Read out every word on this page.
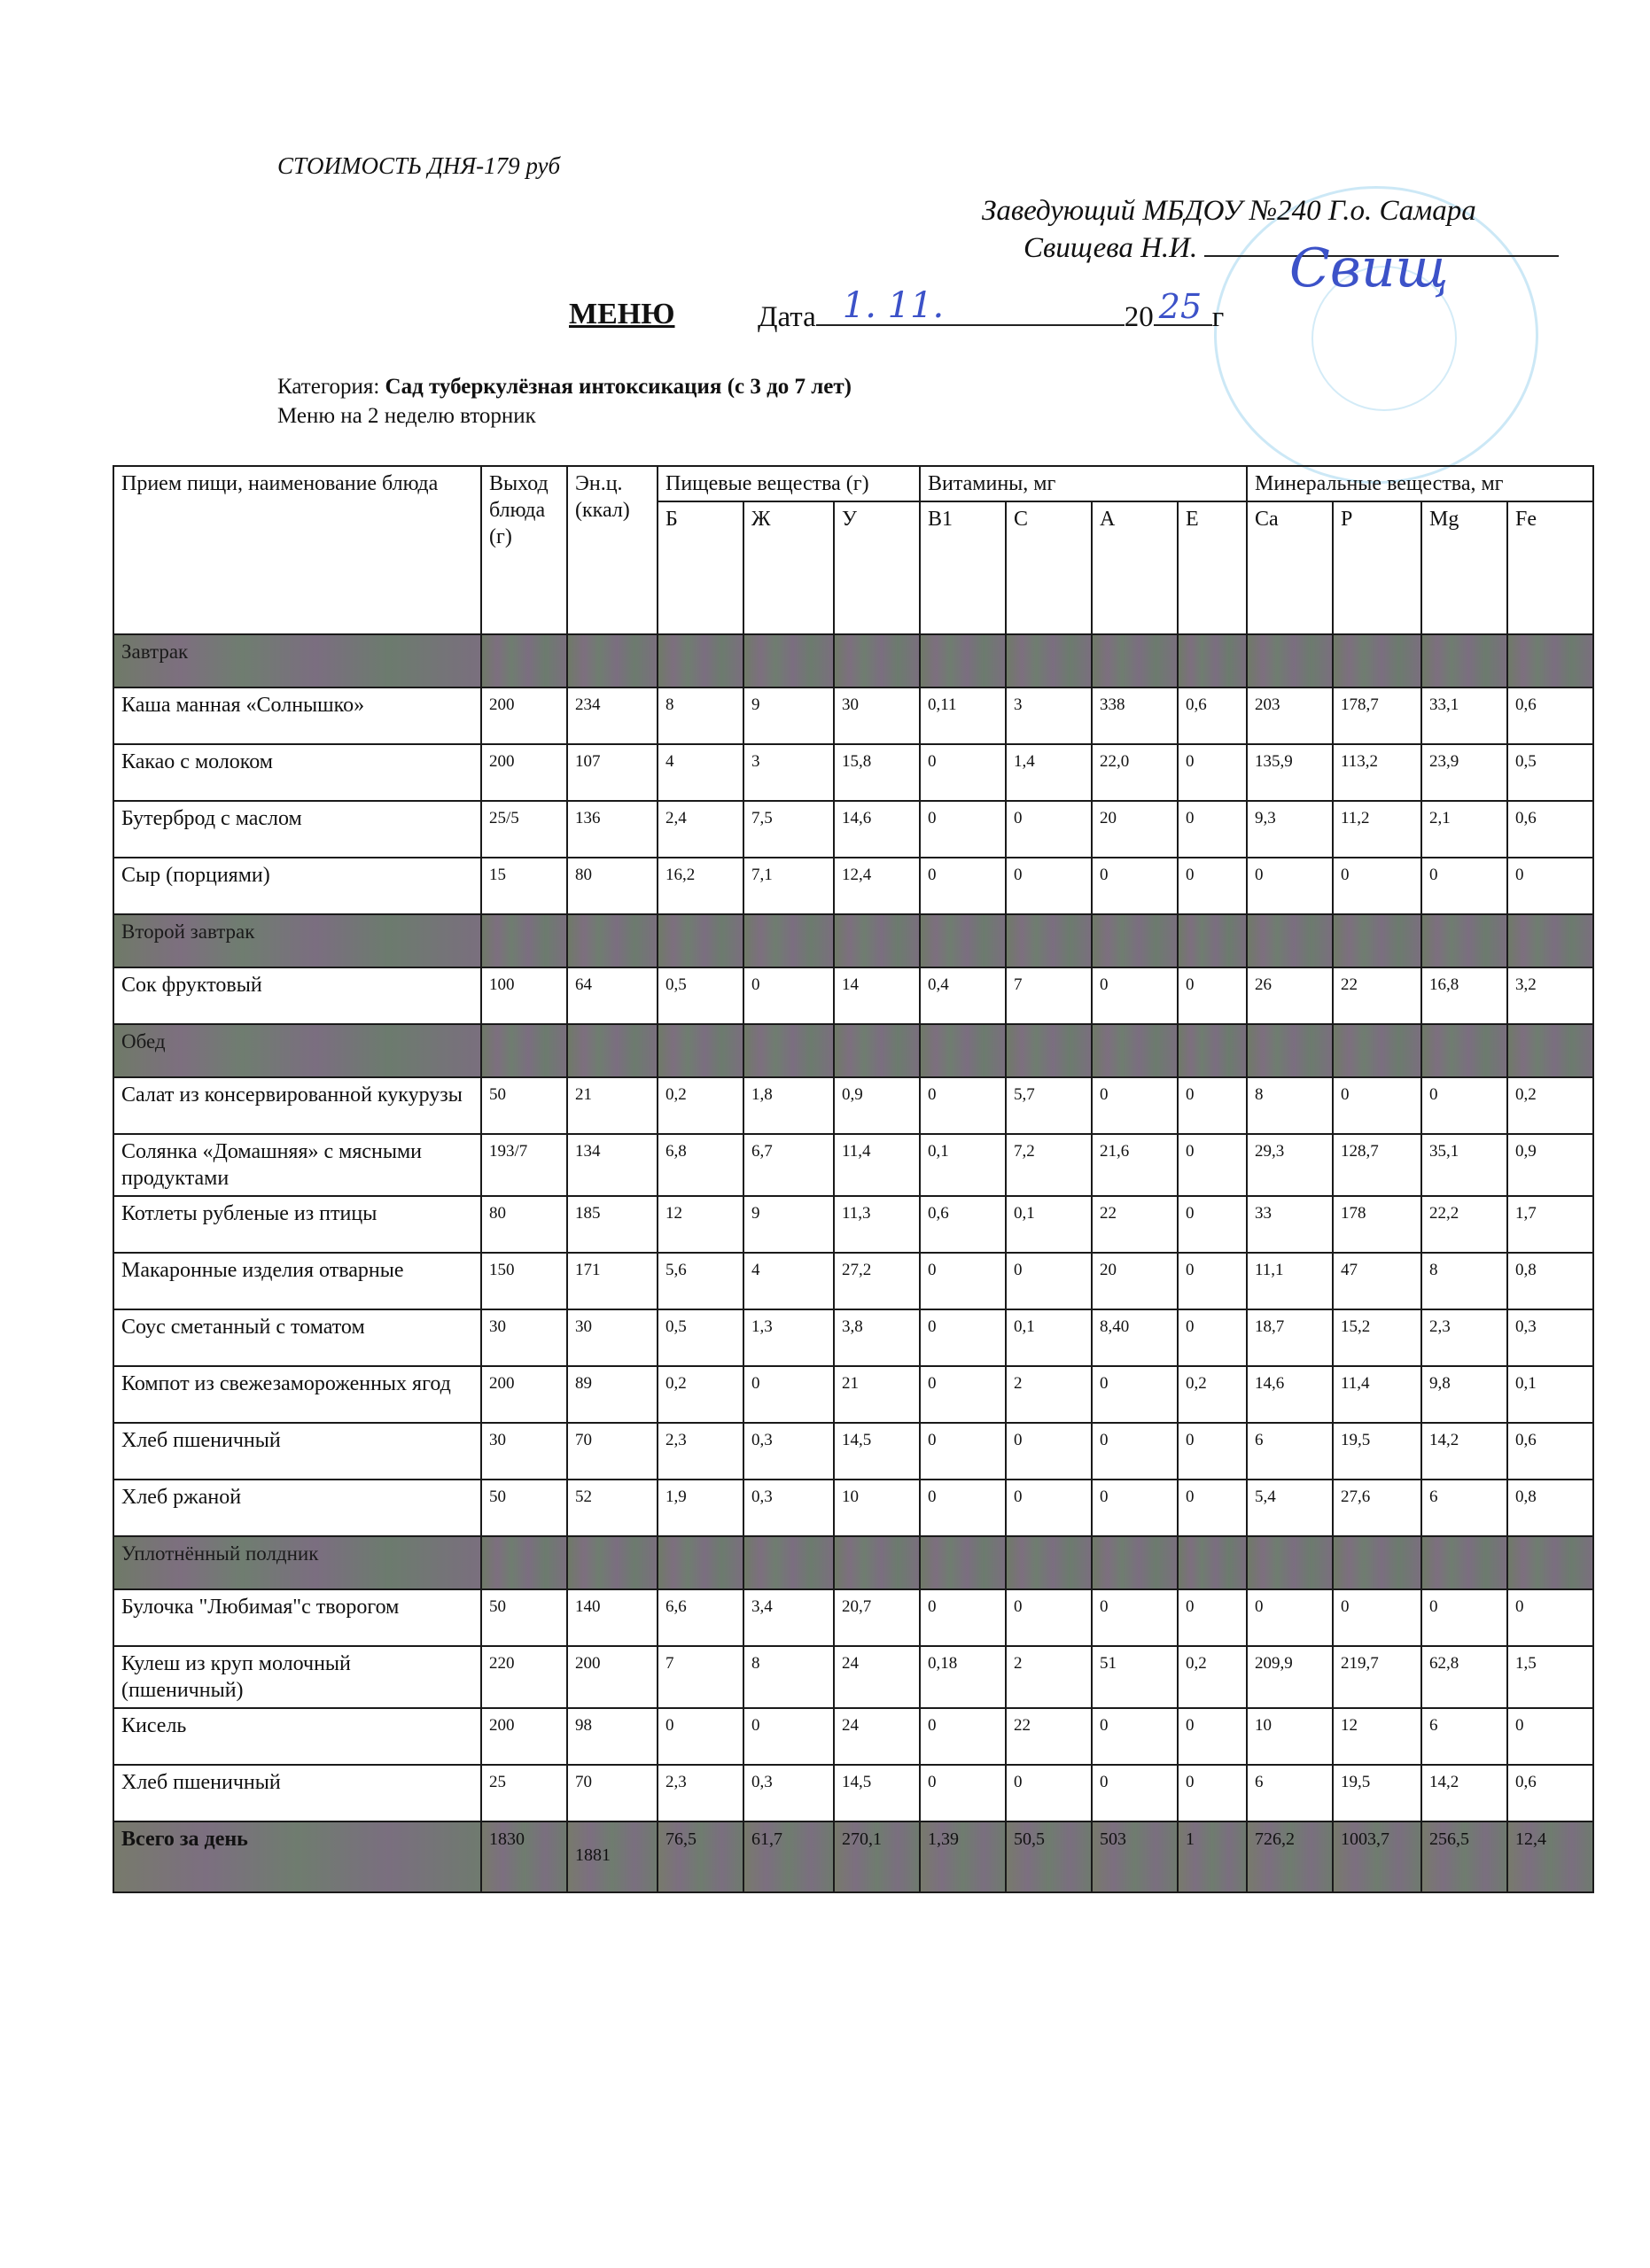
СТОИМОСТЬ ДНЯ-179 руб
Заведующий МБДОУ №240 Г.о. Самара
Свищева Н.И.	Свищ
МЕНЮ	Дата 1. 11.	20 25 г
Категория: Сад туберкулёзная интоксикация (с 3 до 7 лет)
Меню на 2 неделю вторник
Прием пищи, наименование блюда	Выход блюда (г)	Эн.ц. (ккал)	Пищевые вещества (г)			Витамины, мг				Минеральные вещества, мг			
			Б	Ж	У	B1	C	A	E	Ca	P	Mg	Fe
Завтрак													
Каша манная «Солнышко»	200	234	8	9	30	0,11	3	338	0,6	203	178,7	33,1	0,6
Какао с молоком	200	107	4	3	15,8	0	1,4	22,0	0	135,9	113,2	23,9	0,5
Бутерброд с маслом	25/5	136	2,4	7,5	14,6	0	0	20	0	9,3	11,2	2,1	0,6
Сыр (порциями)	15	80	16,2	7,1	12,4	0	0	0	0	0	0	0	0
Второй завтрак													
Сок фруктовый	100	64	0,5	0	14	0,4	7	0	0	26	22	16,8	3,2
Обед													
Салат из консервированной кукурузы	50	21	0,2	1,8	0,9	0	5,7	0	0	8	0	0	0,2
Солянка «Домашняя» с мясными продуктами	193/7	134	6,8	6,7	11,4	0,1	7,2	21,6	0	29,3	128,7	35,1	0,9
Котлеты рубленые из птицы	80	185	12	9	11,3	0,6	0,1	22	0	33	178	22,2	1,7
Макаронные изделия отварные	150	171	5,6	4	27,2	0	0	20	0	11,1	47	8	0,8
Соус сметанный с томатом	30	30	0,5	1,3	3,8	0	0,1	8,40	0	18,7	15,2	2,3	0,3
Компот из свежезамороженных ягод	200	89	0,2	0	21	0	2	0	0,2	14,6	11,4	9,8	0,1
Хлеб пшеничный	30	70	2,3	0,3	14,5	0	0	0	0	6	19,5	14,2	0,6
Хлеб ржаной	50	52	1,9	0,3	10	0	0	0	0	5,4	27,6	6	0,8
Уплотнённый полдник													
Булочка "Любимая"с творогом	50	140	6,6	3,4	20,7	0	0	0	0	0	0	0	0
Кулеш из круп молочный (пшеничный)	220	200	7	8	24	0,18	2	51	0,2	209,9	219,7	62,8	1,5
Кисель	200	98	0	0	24	0	22	0	0	10	12	6	0
Хлеб пшеничный	25	70	2,3	0,3	14,5	0	0	0	0	6	19,5	14,2	0,6
Всего за день	1830	1881	76,5	61,7	270,1	1,39	50,5	503	1	726,2	1003,7	256,5	12,4
